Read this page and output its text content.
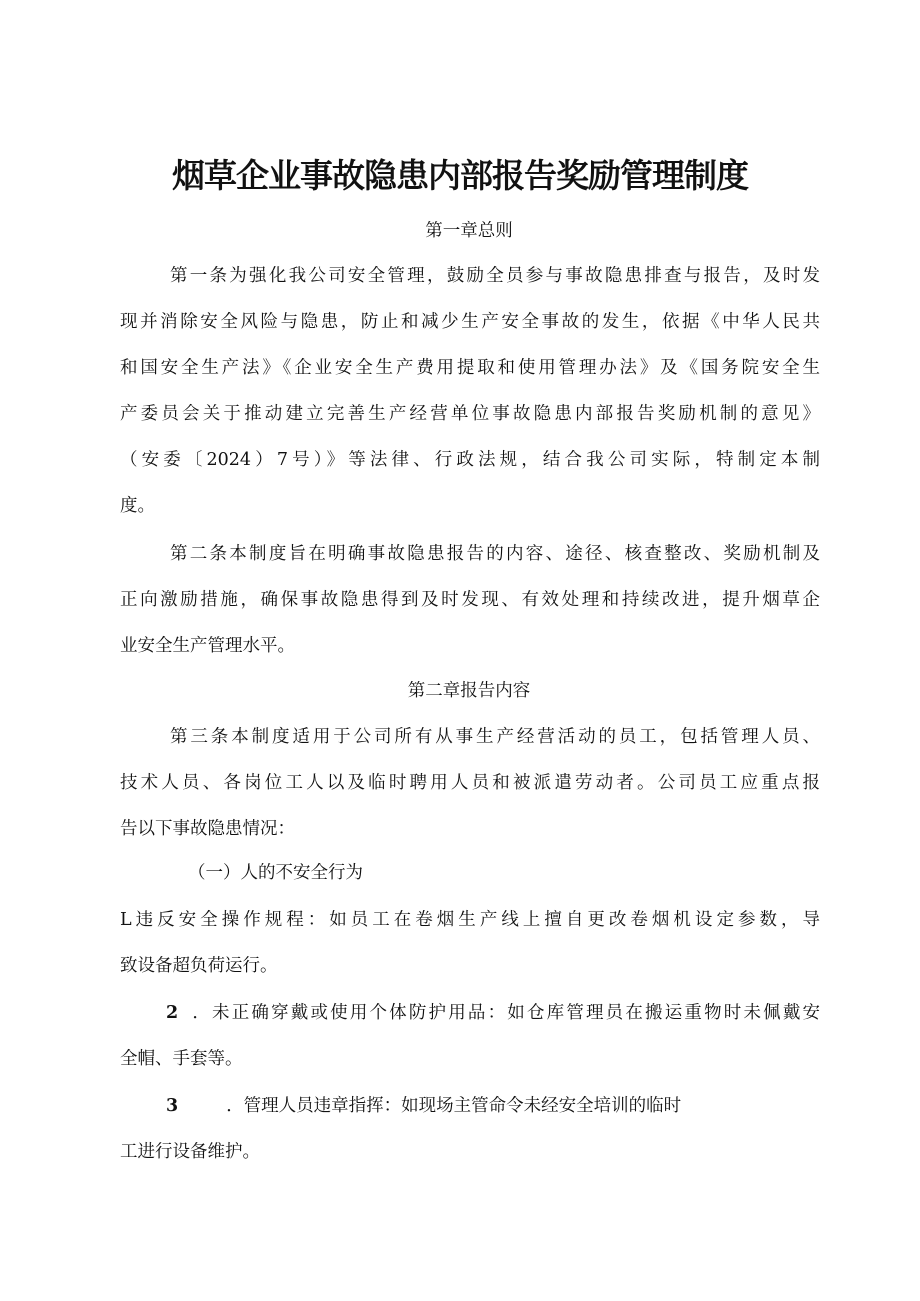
烟草企业事故隐患内部报告奖励管理制度
第一章总则
第一条为强化我公司安全管理，鼓励全员参与事故隐患排查与报告，及时发
现并消除安全风险与隐患，防止和减少生产安全事故的发生，依据《中华人民共
和国安全生产法》《企业安全生产费用提取和使用管理办法》及《国务院安全生
产委员会关于推动建立完善生产经营单位事故隐患内部报告奖励机制的意见》
（安委〔2024）7号）》等法律、行政法规，结合我公司实际，特制定本制
度。
第二条本制度旨在明确事故隐患报告的内容、途径、核查整改、奖励机制及
正向激励措施，确保事故隐患得到及时发现、有效处理和持续改进，提升烟草企
业安全生产管理水平。
第二章报告内容
第三条本制度适用于公司所有从事生产经营活动的员工，包括管理人员、
技术人员、各岗位工人以及临时聘用人员和被派遣劳动者。公司员工应重点报
告以下事故隐患情况：
（一）人的不安全行为
L违反安全操作规程：如员工在卷烟生产线上擅自更改卷烟机设定参数，导
致设备超负荷运行。
2 ．未正确穿戴或使用个体防护用品：如仓库管理员在搬运重物时未佩戴安
全帽、手套等。
3	．管理人员违章指挥：如现场主管命令未经安全培训的临时
工进行设备维护。
